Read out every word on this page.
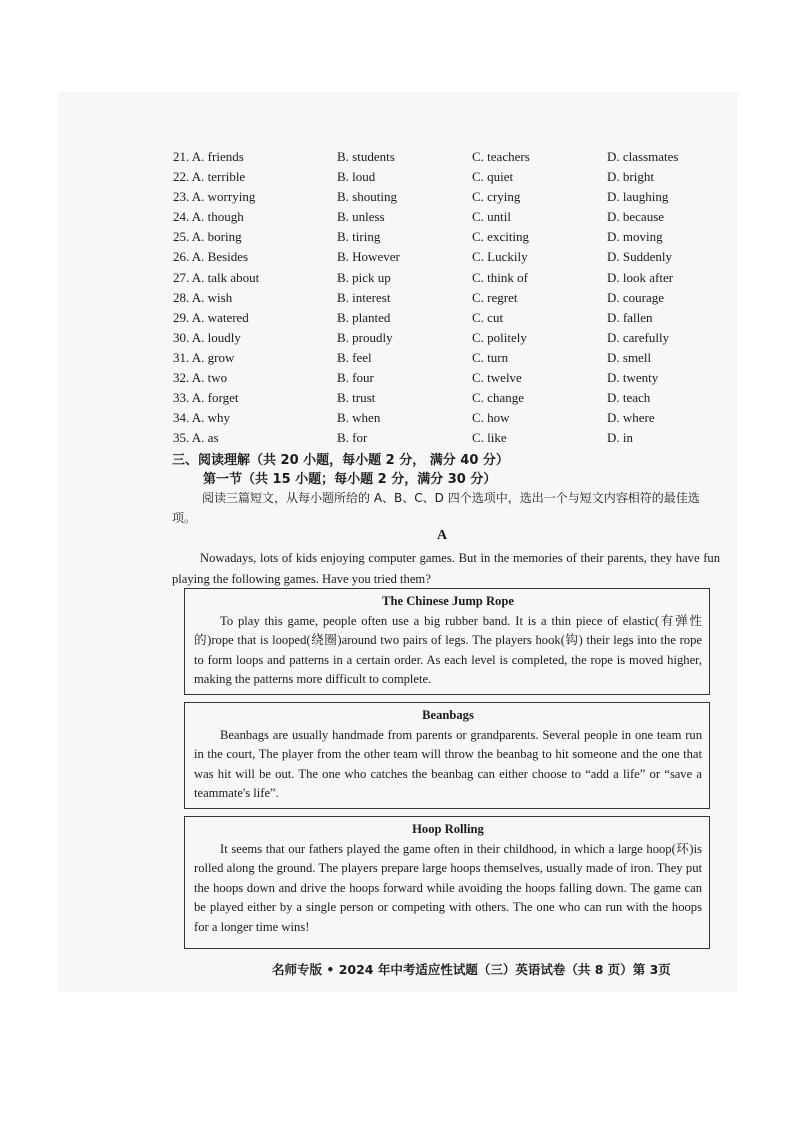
21. A. friends	B. students	C. teachers	D. classmates
22. A. terrible	B. loud	C. quiet	D. bright
23. A. worrying	B. shouting	C. crying	D. laughing
24. A. though	B. unless	C. until	D. because
25. A. boring	B. tiring	C. exciting	D. moving
26. A. Besides	B. However	C. Luckily	D. Suddenly
27. A. talk about	B. pick up	C. think of	D. look after
28. A. wish	B. interest	C. regret	D. courage
29. A. watered	B. planted	C. cut	D. fallen
30. A. loudly	B. proudly	C. politely	D. carefully
31. A. grow	B. feel	C. turn	D. smell
32. A. two	B. four	C. twelve	D. twenty
33. A. forget	B. trust	C. change	D. teach
34. A. why	B. when	C. how	D. where
35. A. as	B. for	C. like	D. in
三、阅读理解（共 20 小题，每小题 2 分， 满分 40 分）
第一节（共 15 小题；每小题 2 分，满分 30 分）
阅读三篇短文，从每小题所给的 A、B、C、D 四个选项中，选出一个与短文内容相符的最佳选项。
A
Nowadays, lots of kids enjoying computer games. But in the memories of their parents, they have fun playing the following games. Have you tried them?
The Chinese Jump Rope

To play this game, people often use a big rubber band. It is a thin piece of elastic(有弹性的)rope that is looped(绕圈)around two pairs of legs. The players hook(钩) their legs into the rope to form loops and patterns in a certain order. As each level is completed, the rope is moved higher, making the patterns more difficult to complete.

Beanbags

Beanbags are usually handmade from parents or grandparents. Several people in one team run in the court, The player from the other team will throw the beanbag to hit someone and the one that was hit will be out. The one who catches the beanbag can either choose to “add a life” or “save a teammate's life”.

Hoop Rolling

It seems that our fathers played the game often in their childhood, in which a large hoop(环)is rolled along the ground. The players prepare large hoops themselves, usually made of iron. They put the hoops down and drive the hoops forward while avoiding the hoops falling down. The game can be played either by a single person or competing with others. The one who can run with the hoops for a longer time wins!

名师专版 • 2024 年中考适应性试题（三）英语试卷（共 8 页）第 3页
